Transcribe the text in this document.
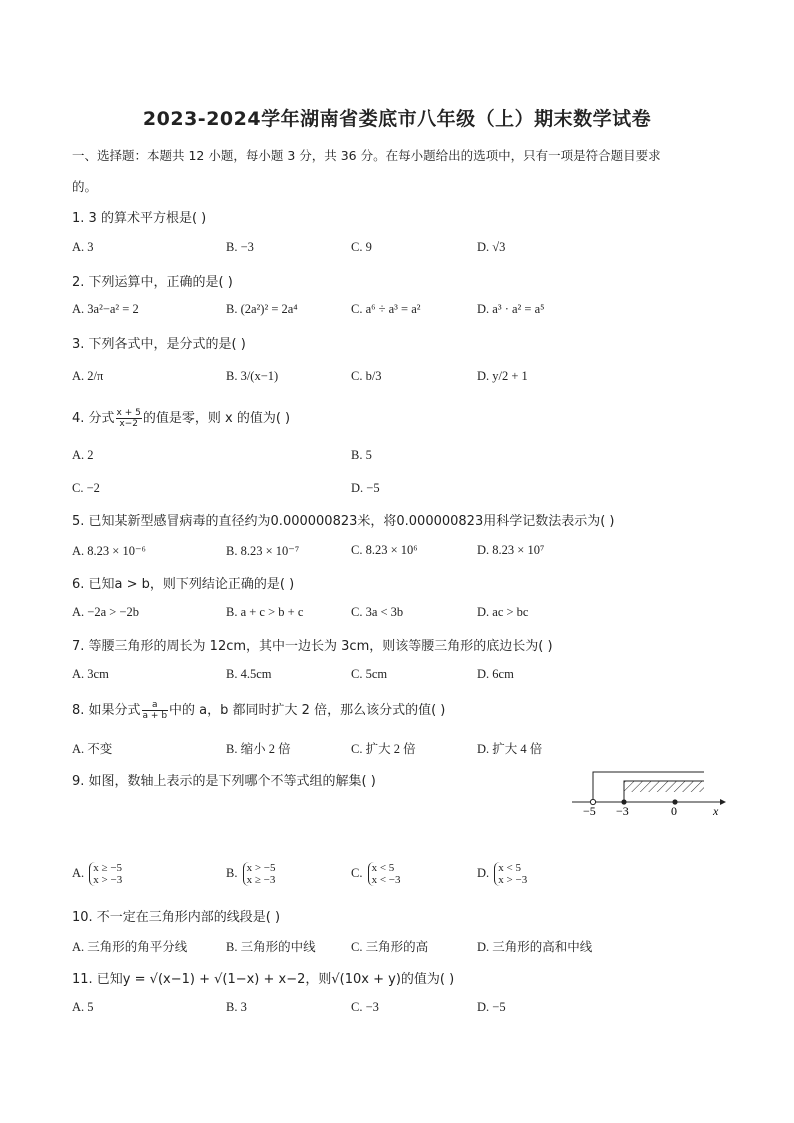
2023-2024学年湖南省娄底市八年级（上）期末数学试卷
一、选择题：本题共 12 小题，每小题 3 分，共 36 分。在每小题给出的选项中，只有一项是符合题目要求
的。
1. 3 的算术平方根是( )
A. 3	B. −3	C. 9	D. √3
2. 下列运算中，正确的是( )
A. 3a²−a² = 2	B. (2a²)² = 2a⁴	C. a⁶ ÷ a³ = a²	D. a³ · a² = a⁵
3. 下列各式中，是分式的是( )
A. 2/π	B. 3/(x−1)	C. b/3	D. y/2 + 1
4. 分式 $\frac{x + 5}{x-2}$ 的值是零，则 x 的值为( )
A. 2	B. 5
C. −2	D. −5
5. 已知某新型感冒病毒的直径约为0.000000823米，将0.000000823用科学记数法表示为( )
A. 8.23 × 10⁻⁶	B. 8.23 × 10⁻⁷	C. 8.23 × 10⁶	D. 8.23 × 10⁷
6. 已知a > b，则下列结论正确的是( )
A. −2a > −2b	B. a + c > b + c	C. 3a < 3b	D. ac > bc
7. 等腰三角形的周长为 12cm，其中一边长为 3cm，则该等腰三角形的底边长为( )
A. 3cm	B. 4.5cm	C. 5cm	D. 6cm
8. 如果分式 $\frac{a}{a + b}$ 中的 a，b 都同时扩大 2 倍，那么该分式的值( )
A. 不变	B. 缩小 2 倍	C. 扩大 2 倍	D. 扩大 4 倍
9. 如图，数轴上表示的是下列哪个不等式组的解集( )
−5 −3	0	x
A. x ≥ −5
x > −3
B. x > −5
x ≥ −3
C. x < 5
x < −3
D. x < 5
x > −3
10. 不一定在三角形内部的线段是( )
A. 三角形的角平分线	B. 三角形的中线	C. 三角形的高	D. 三角形的高和中线
11. 已知y = √(x−1) + √(1−x) + x−2，则√(10x + y)的值为( )
A. 5	B. 3	C. −3	D. −5
